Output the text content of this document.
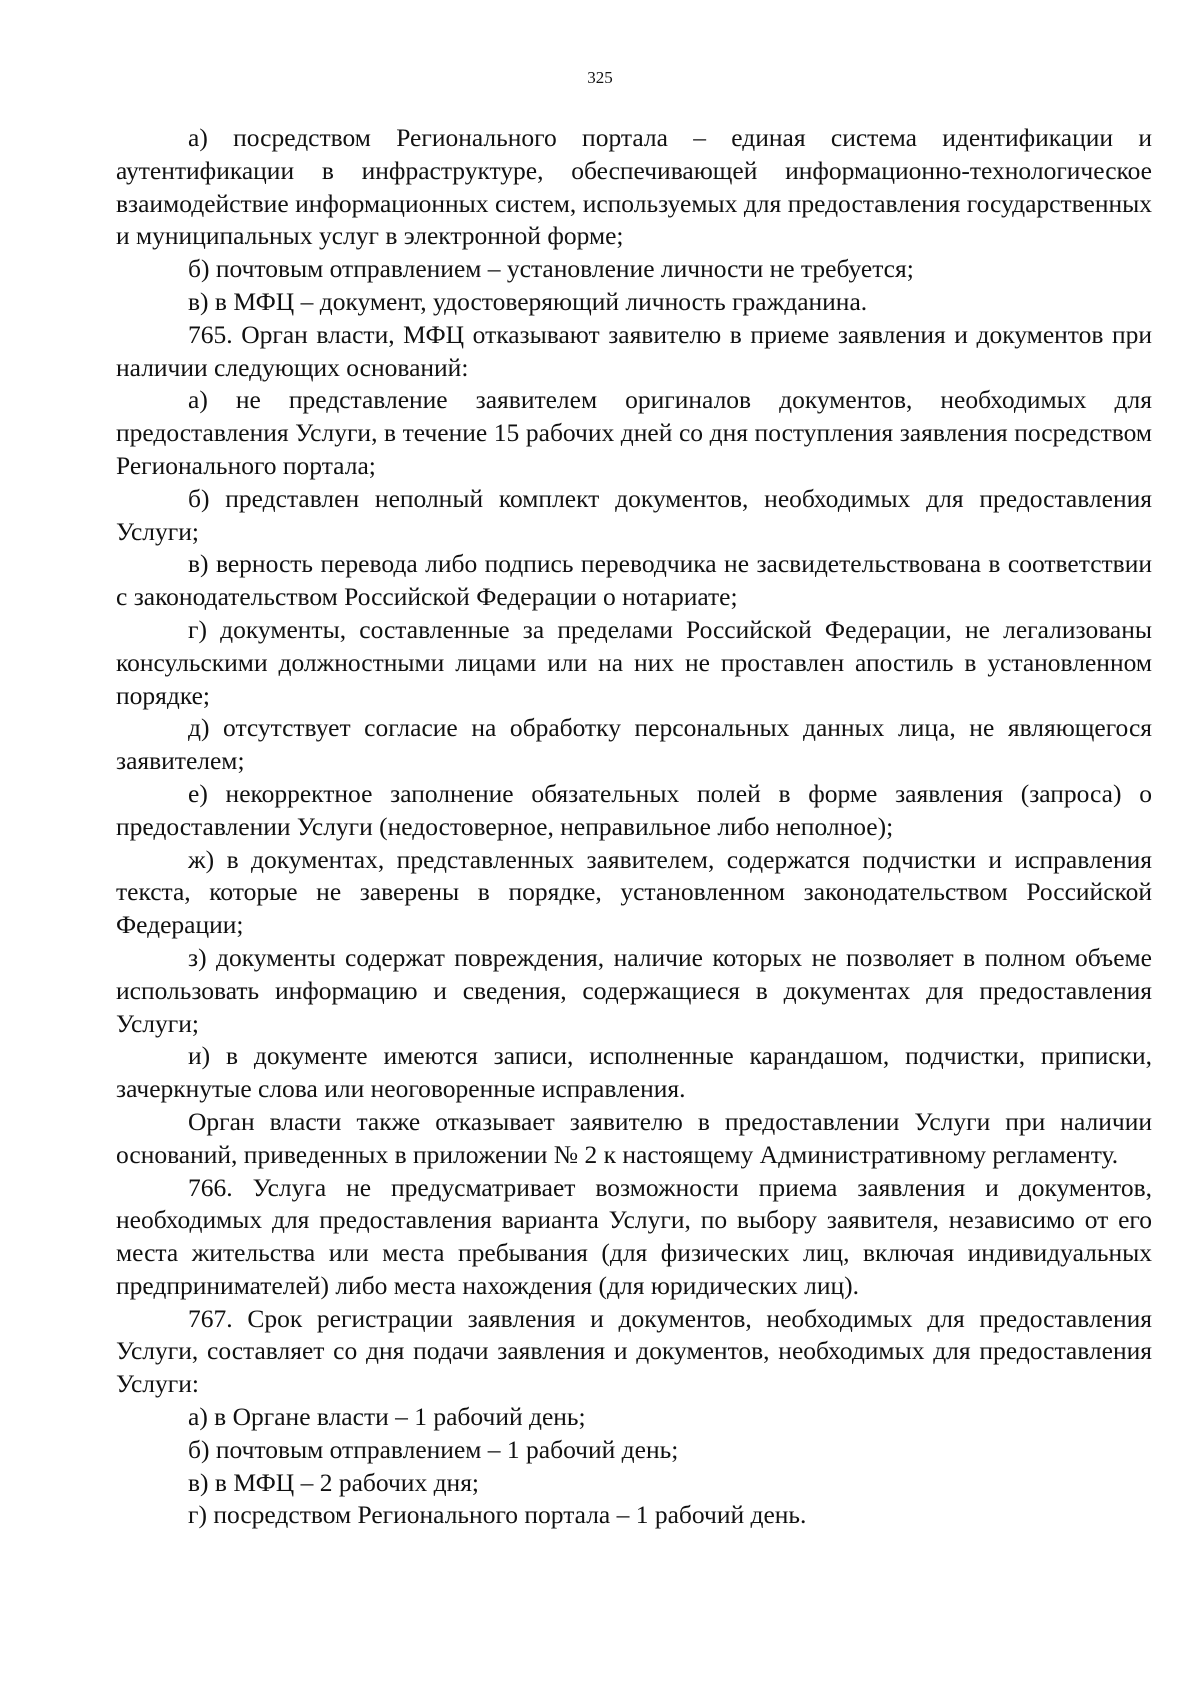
325

а) посредством Регионального портала – единая система идентификации и аутентификации в инфраструктуре, обеспечивающей информационно-технологическое взаимодействие информационных систем, используемых для предоставления государственных и муниципальных услуг в электронной форме;

б) почтовым отправлением – установление личности не требуется;

в) в МФЦ – документ, удостоверяющий личность гражданина.

765. Орган власти, МФЦ отказывают заявителю в приеме заявления и документов при наличии следующих оснований:

а) не представление заявителем оригиналов документов, необходимых для предоставления Услуги, в течение 15 рабочих дней со дня поступления заявления посредством Регионального портала;

б) представлен неполный комплект документов, необходимых для предоставления Услуги;

в) верность перевода либо подпись переводчика не засвидетельствована в соответствии с законодательством Российской Федерации о нотариате;

г) документы, составленные за пределами Российской Федерации, не легализованы консульскими должностными лицами или на них не проставлен апостиль в установленном порядке;

д) отсутствует согласие на обработку персональных данных лица, не являющегося заявителем;

е) некорректное заполнение обязательных полей в форме заявления (запроса) о предоставлении Услуги (недостоверное, неправильное либо неполное);

ж) в документах, представленных заявителем, содержатся подчистки и исправления текста, которые не заверены в порядке, установленном законодательством Российской Федерации;

з) документы содержат повреждения, наличие которых не позволяет в полном объеме использовать информацию и сведения, содержащиеся в документах для предоставления Услуги;

и) в документе имеются записи, исполненные карандашом, подчистки, приписки, зачеркнутые слова или неоговоренные исправления.

Орган власти также отказывает заявителю в предоставлении Услуги при наличии оснований, приведенных в приложении № 2 к настоящему Административному регламенту.

766. Услуга не предусматривает возможности приема заявления и документов, необходимых для предоставления варианта Услуги, по выбору заявителя, независимо от его места жительства или места пребывания (для физических лиц, включая индивидуальных предпринимателей) либо места нахождения (для юридических лиц).

767. Срок регистрации заявления и документов, необходимых для предоставления Услуги, составляет со дня подачи заявления и документов, необходимых для предоставления Услуги:

а) в Органе власти – 1 рабочий день;

б) почтовым отправлением – 1 рабочий день;

в) в МФЦ – 2 рабочих дня;

г) посредством Регионального портала – 1 рабочий день.
